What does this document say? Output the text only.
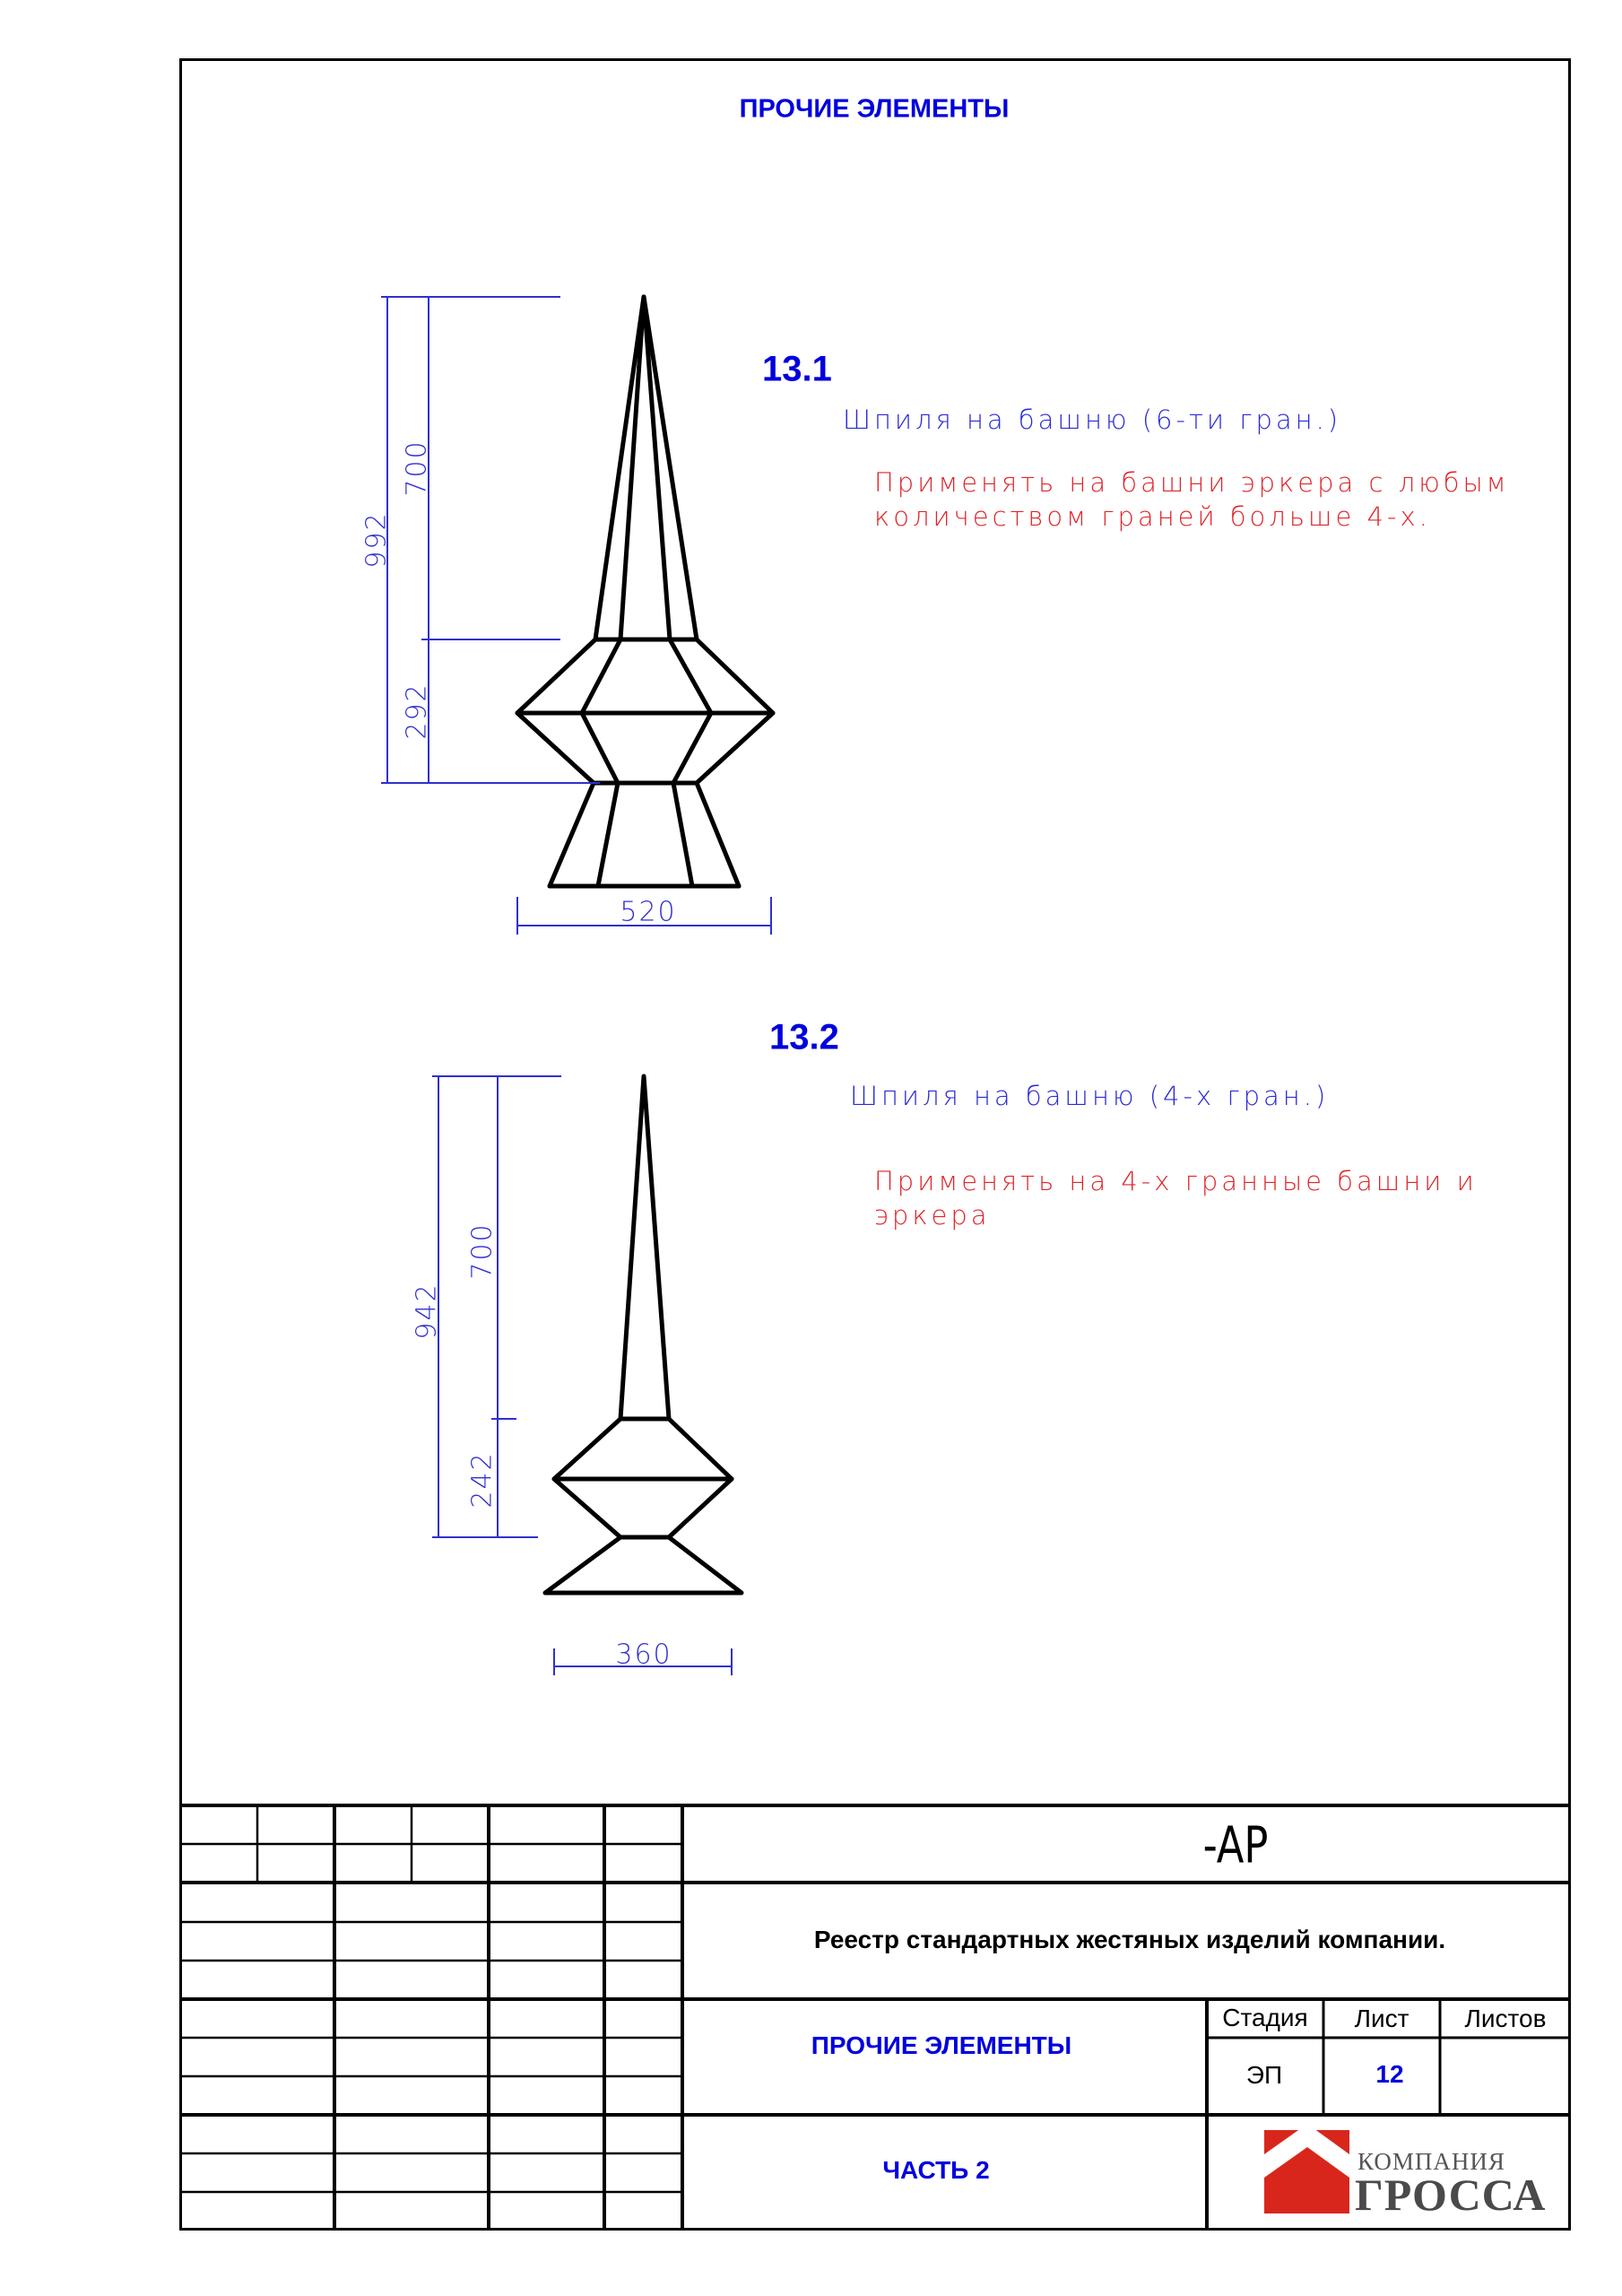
ПРОЧИЕ ЭЛЕМЕНТЫ
13.1
Шпиля на башню (6-ти гран.)
Применять на башни эркера с любым
количеством граней больше 4-х.
992
700
292
520
13.2
Шпиля на башню (4-х гран.)
Применять на 4-х гранные башни и
эркера
942
700
242
360
-AP
Реестр стандартных жестяных изделий компании.
ПРОЧИЕ ЭЛЕМЕНТЫ
ЧАСТЬ 2
Стадия Лист Листов
ЭП	12
КОМПАНИЯ
ГРОССА
